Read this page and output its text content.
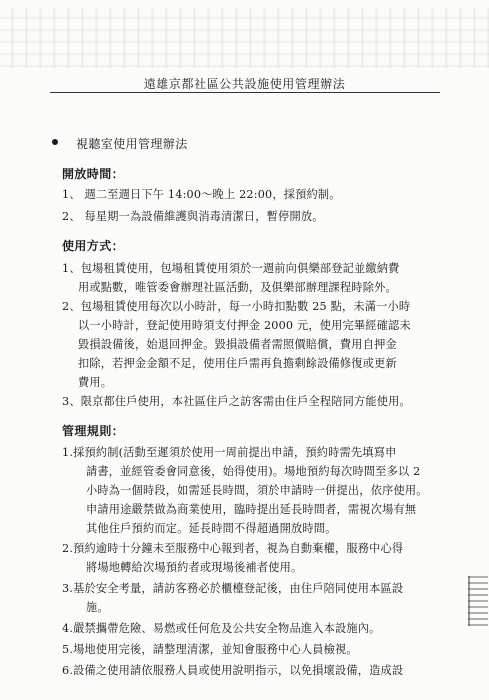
遠雄京都社區公共設施使用管理辦法
視聽室使用管理辦法
開放時間：
1、 週二至週日下午 14:00～晚上 22:00，採預約制。
2、 每星期一為設備維護與消毒清潔日，暫停開放。
使用方式：
1、包場租賃使用，包場租賃使用須於一週前向俱樂部登記並繳納費
用或點數，唯管委會辦理社區活動，及俱樂部辦理課程時除外。
2、包場租賃使用每次以小時計，每一小時扣點數 25 點，未滿一小時
以一小時計，登記使用時須支付押金 2000 元，使用完畢經確認未
毀損設備後，始退回押金。毀損設備者需照價賠償，費用自押金
扣除，若押金金額不足，使用住戶需再負擔剩餘設備修復或更新
費用。
3、限京都住戶使用，本社區住戶之訪客需由住戶全程陪同方能使用。
管理規則：
1.採預約制(活動至遲須於使用一周前提出申請，預約時需先填寫申
請書，並經管委會同意後，始得使用)。場地預約每次時間至多以 2
小時為一個時段，如需延長時間，須於申請時一併提出，依序使用。
申請用途嚴禁做為商業使用，臨時提出延長時間者，需視次場有無
其他住戶預約而定。延長時間不得超過開放時間。
2.預約逾時十分鐘未至服務中心報到者，視為自動棄權，服務中心得
將場地轉給次場預約者或現場後補者使用。
3.基於安全考量，請訪客務必於櫃檯登記後，由住戶陪同使用本區設
施。
4.嚴禁攜帶危險、易燃或任何危及公共安全物品進入本設施內。
5.場地使用完後，請整理清潔，並知會服務中心人員檢視。
6.設備之使用請依服務人員或使用說明指示，以免損壞設備，造成設
